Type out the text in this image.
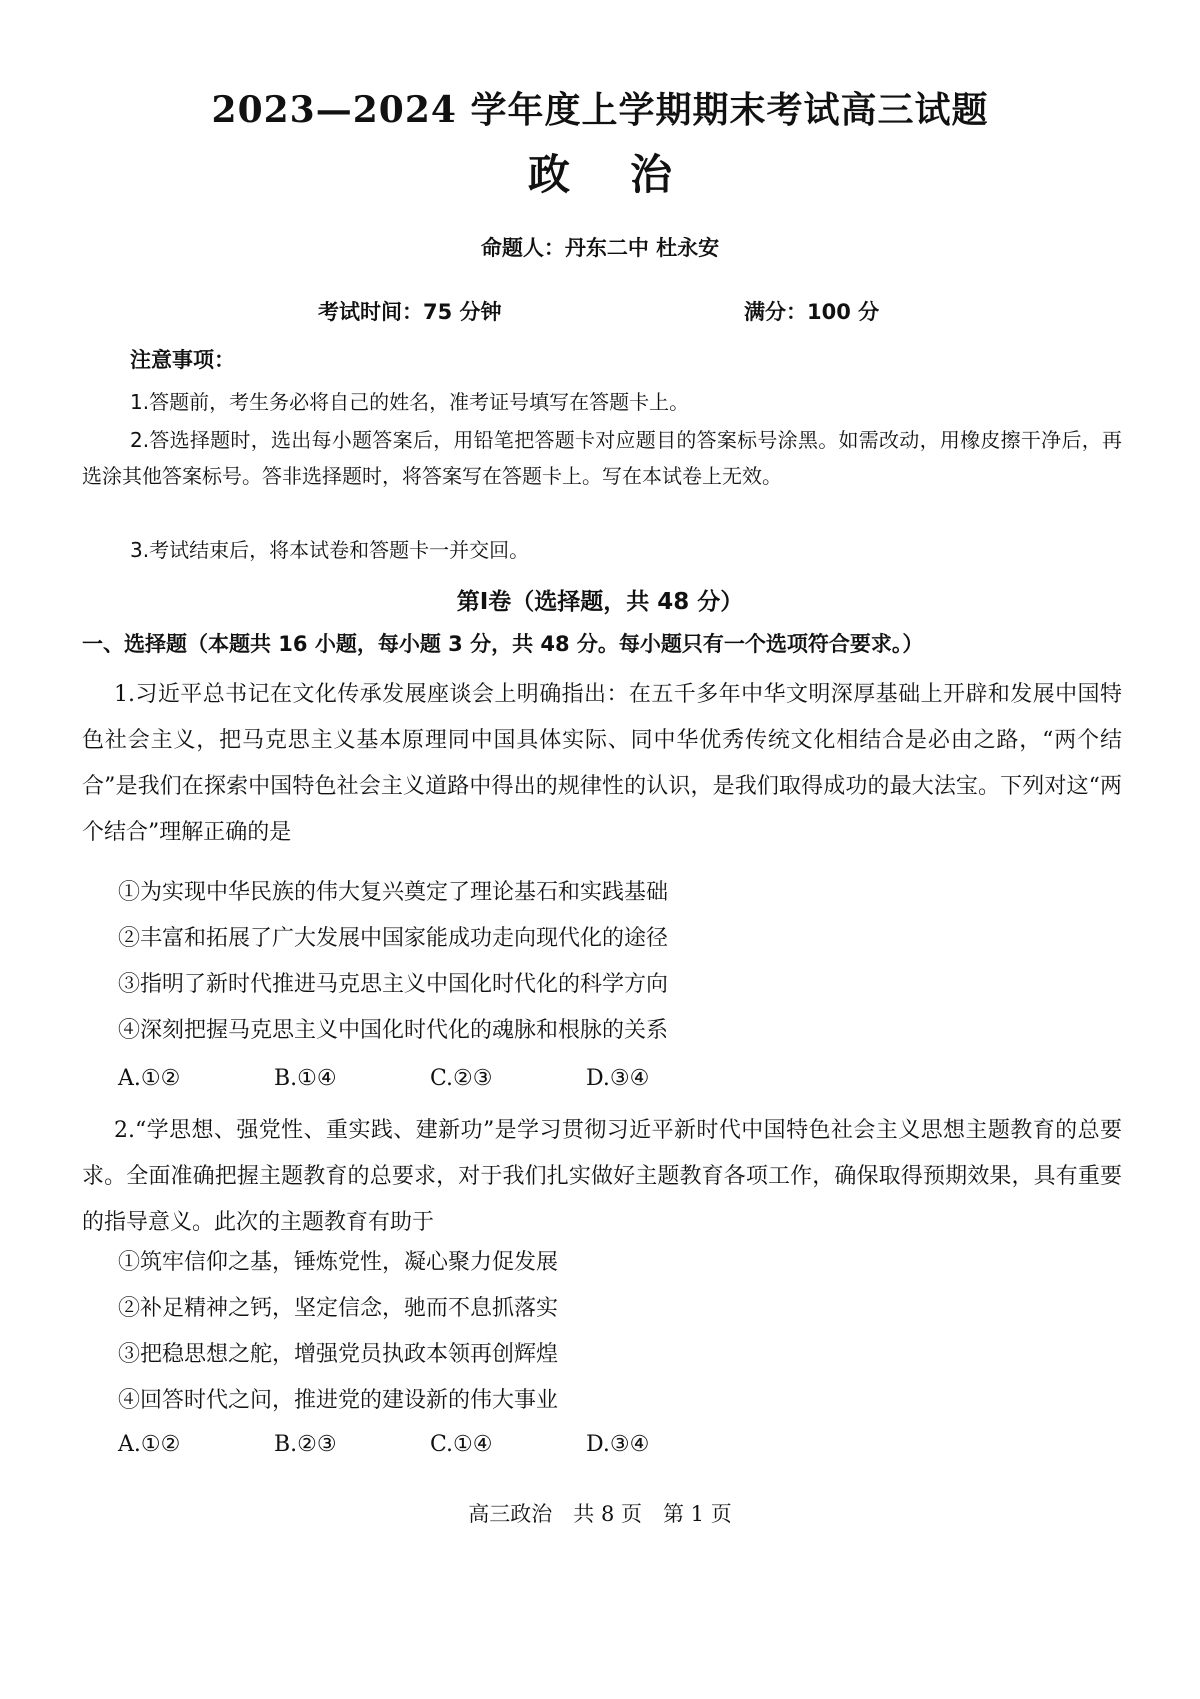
2023—2024 学年度上学期期末考试高三试题
政治
命题人：丹东二中 杜永安
考试时间：75 分钟	满分：100 分
注意事项：
1.答题前，考生务必将自己的姓名，准考证号填写在答题卡上。
2.答选择题时，选出每小题答案后，用铅笔把答题卡对应题目的答案标号涂黑。如需改动，用橡皮擦干净后，再选涂其他答案标号。答非选择题时，将答案写在答题卡上。写在本试卷上无效。
3.考试结束后，将本试卷和答题卡一并交回。
第Ⅰ卷（选择题，共 48 分）
一、选择题（本题共 16 小题，每小题 3 分，共 48 分。每小题只有一个选项符合要求。）
1.习近平总书记在文化传承发展座谈会上明确指出：在五千多年中华文明深厚基础上开辟和发展中国特色社会主义，把马克思主义基本原理同中国具体实际、同中华优秀传统文化相结合是必由之路，“两个结合”是我们在探索中国特色社会主义道路中得出的规律性的认识，是我们取得成功的最大法宝。下列对这“两个结合”理解正确的是
①为实现中华民族的伟大复兴奠定了理论基石和实践基础
②丰富和拓展了广大发展中国家能成功走向现代化的途径
③指明了新时代推进马克思主义中国化时代化的科学方向
④深刻把握马克思主义中国化时代化的魂脉和根脉的关系
A.①②	B.①④	C.②③	D.③④
2.“学思想、强党性、重实践、建新功”是学习贯彻习近平新时代中国特色社会主义思想主题教育的总要求。全面准确把握主题教育的总要求，对于我们扎实做好主题教育各项工作，确保取得预期效果，具有重要的指导意义。此次的主题教育有助于
①筑牢信仰之基，锤炼党性，凝心聚力促发展
②补足精神之钙，坚定信念，驰而不息抓落实
③把稳思想之舵，增强党员执政本领再创辉煌
④回答时代之问，推进党的建设新的伟大事业
A.①②	B.②③	C.①④	D.③④
高三政治　共 8 页　第 1 页
